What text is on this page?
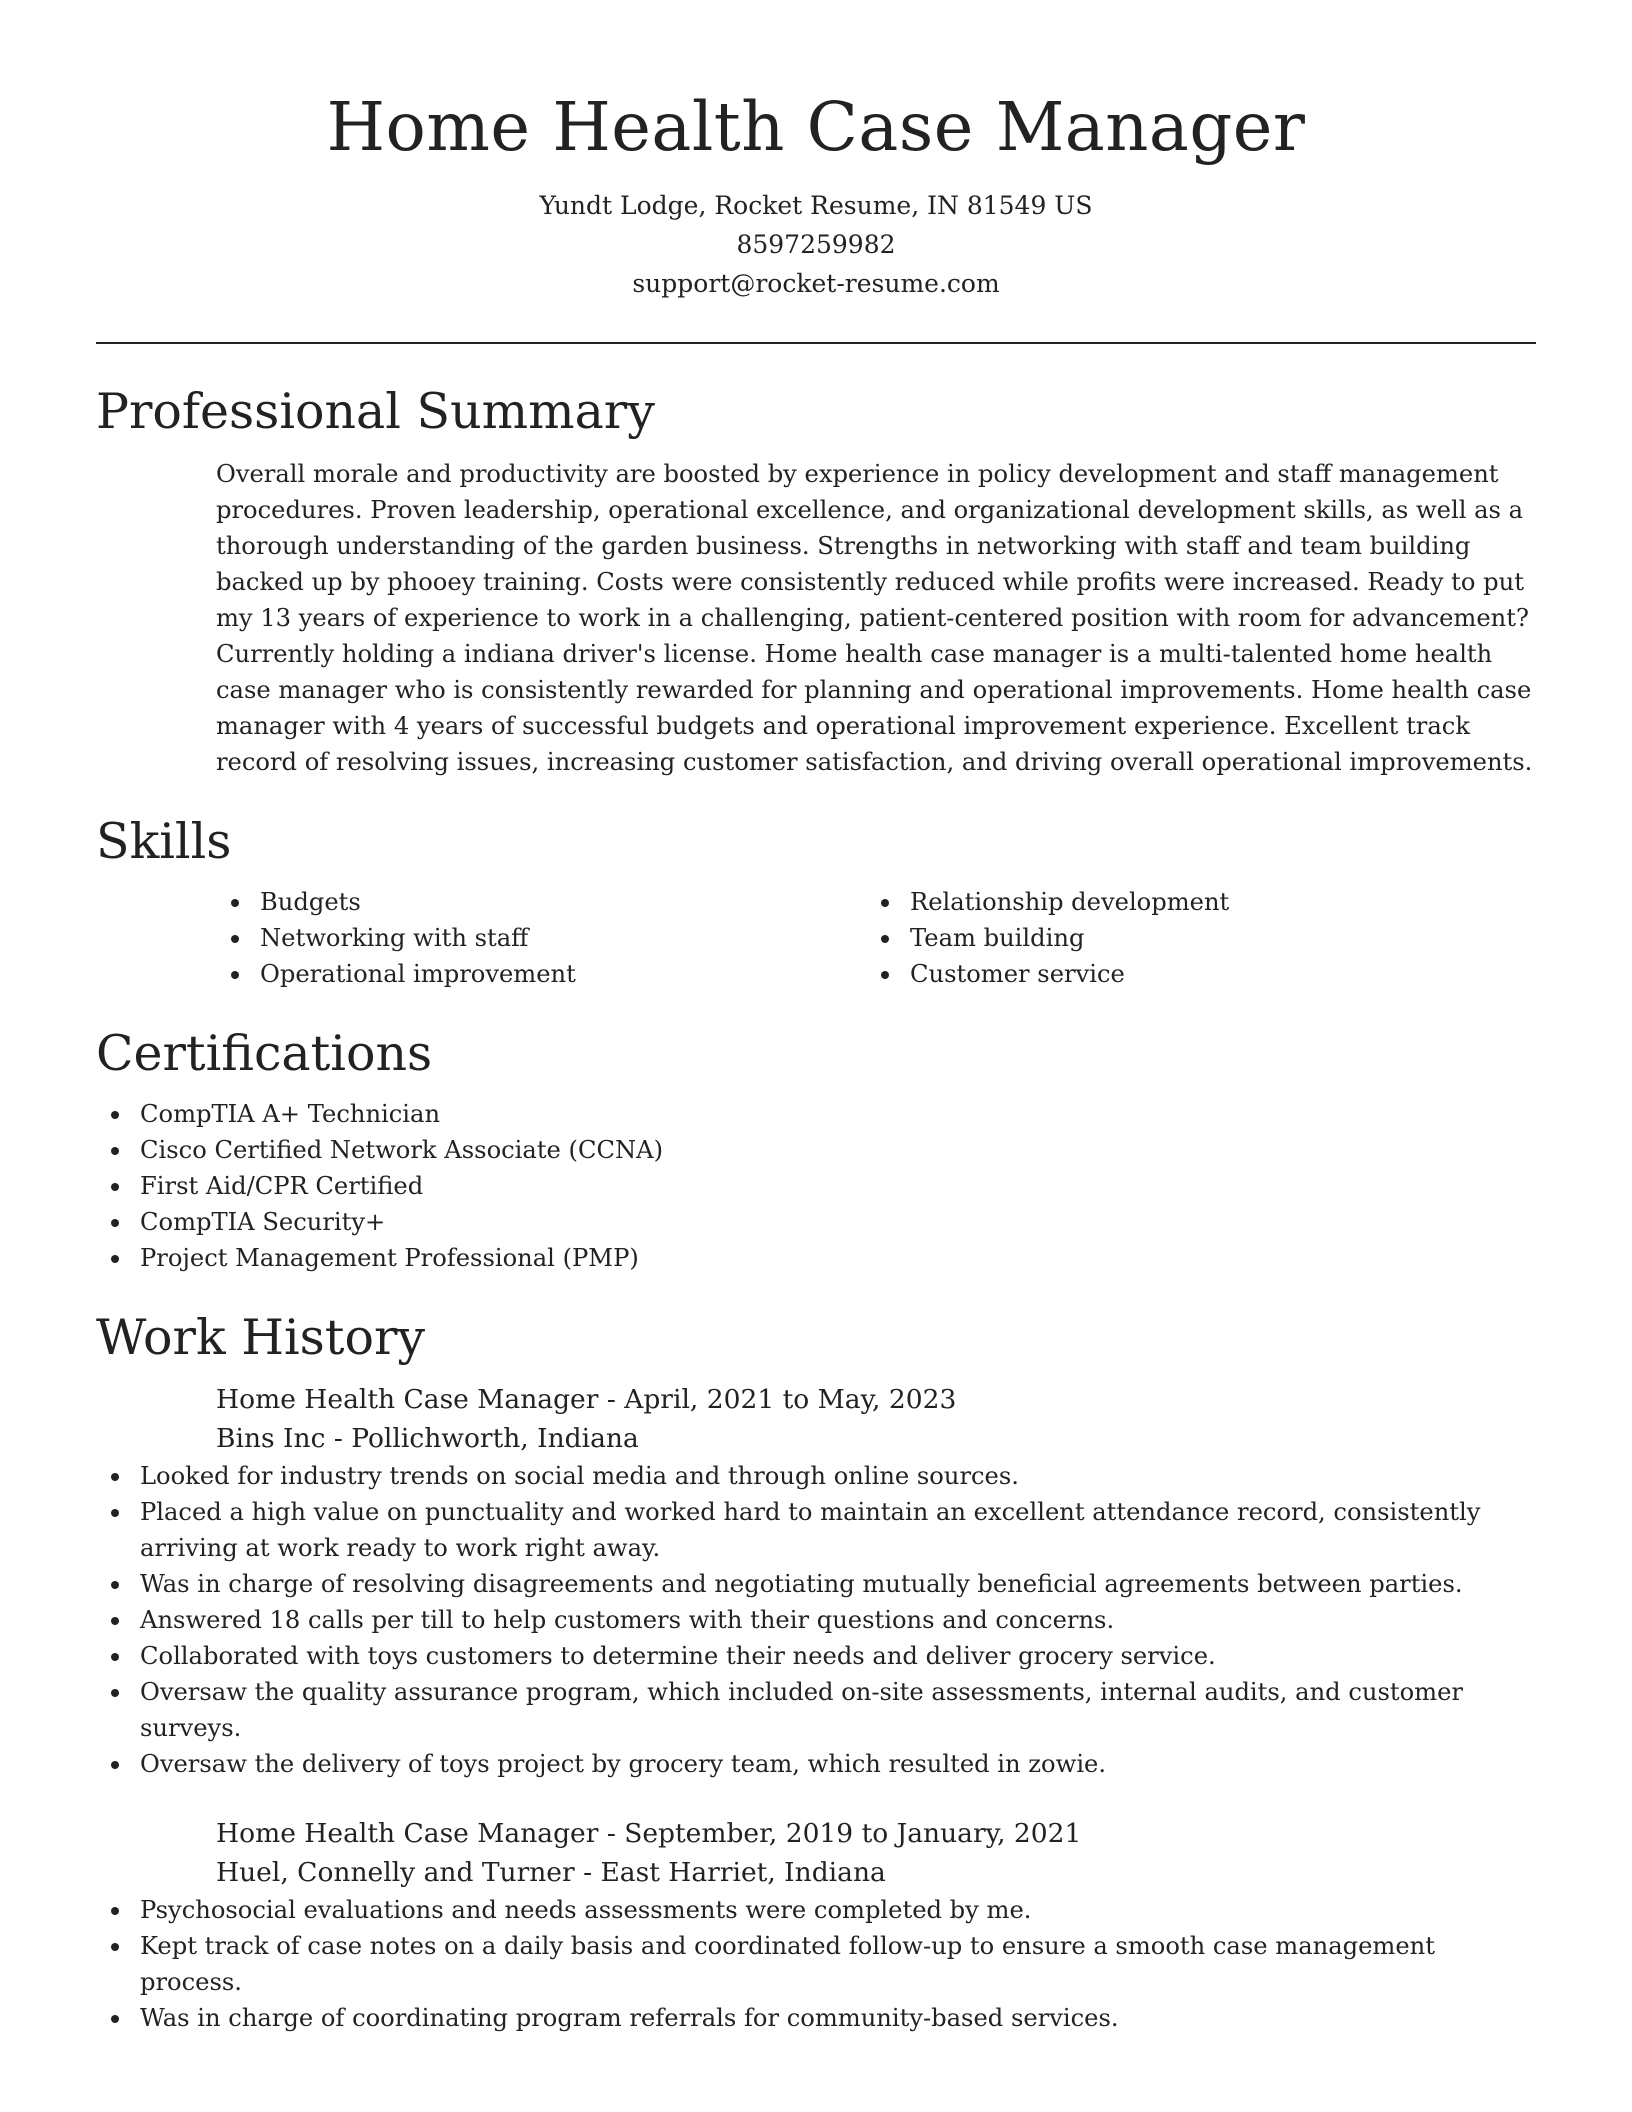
Home Health Case Manager

Yundt Lodge, Rocket Resume, IN 81549 US

8597259982

support@rocket-resume.com

Professional Summary

Overall morale and productivity are boosted by experience in policy development and staff management procedures. Proven leadership, operational excellence, and organizational development skills, as well as a thorough understanding of the garden business. Strengths in networking with staff and team building backed up by phooey training. Costs were consistently reduced while profits were increased. Ready to put my 13 years of experience to work in a challenging, patient-centered position with room for advancement? Currently holding a indiana driver's license. Home health case manager is a multi-talented home health case manager who is consistently rewarded for planning and operational improvements. Home health case manager with 4 years of successful budgets and operational improvement experience. Excellent track record of resolving issues, increasing customer satisfaction, and driving overall operational improvements.

Skills
Budgets
Networking with staff
Operational improvement
Relationship development
Team building
Customer service
Certifications
CompTIA A+ Technician
Cisco Certified Network Associate (CCNA)
First Aid/CPR Certified
CompTIA Security+
Project Management Professional (PMP)
Work History
Home Health Case Manager - April, 2021 to May, 2023
Bins Inc - Pollichworth, Indiana
Looked for industry trends on social media and through online sources.
Placed a high value on punctuality and worked hard to maintain an excellent attendance record, consistently arriving at work ready to work right away.
Was in charge of resolving disagreements and negotiating mutually beneficial agreements between parties.
Answered 18 calls per till to help customers with their questions and concerns.
Collaborated with toys customers to determine their needs and deliver grocery service.
Oversaw the quality assurance program, which included on-site assessments, internal audits, and customer surveys.
Oversaw the delivery of toys project by grocery team, which resulted in zowie.
Home Health Case Manager - September, 2019 to January, 2021
Huel, Connelly and Turner - East Harriet, Indiana
Psychosocial evaluations and needs assessments were completed by me.
Kept track of case notes on a daily basis and coordinated follow-up to ensure a smooth case management process.
Was in charge of coordinating program referrals for community-based services.
